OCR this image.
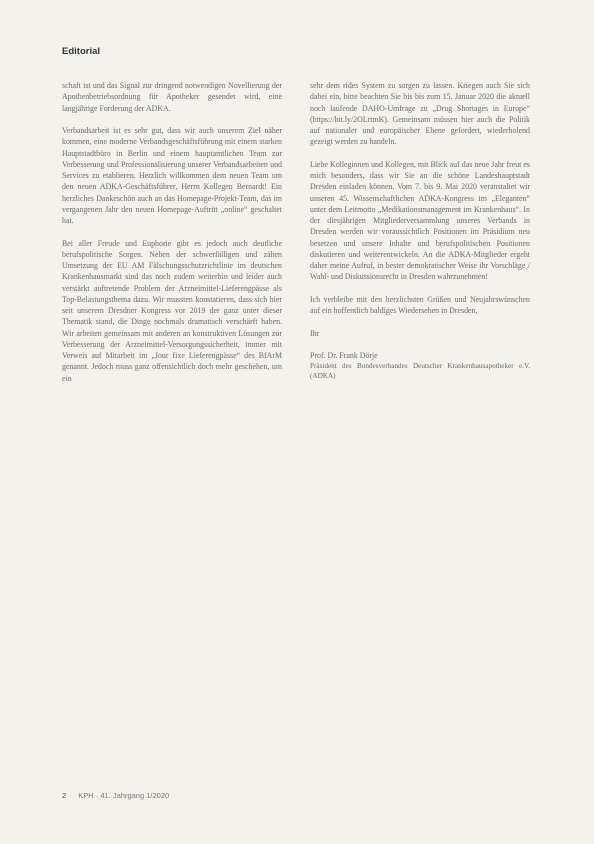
Editorial

schaft ist und das Signal zur dringend notwendigen Novellierung der Apothenbetriebsordnung für Apotheker gesendet wird, eine langjährige Forderung der ADKA.

Verbandsarbeit ist es sehr gut, dass wir auch unserem Ziel näher kommen, eine moderne Verbandsgeschäftsführung mit einem starken Hauptstadtbüro in Berlin und einem hauptamtlichen Team zur Verbesserung und Professionalisierung unserer Verbandsarbeiten und Services zu etablieren. Herzlich willkommen dem neuen Team um den neuen ADKA-Geschäftsführer, Herrn Kollegen Bernardt! Ein herzliches Dankeschön auch an das Homepage-Projekt-Team, das im vergangenen Jahr den neuen Homepage-Auftritt „online“ geschaltet hat.

Bei aller Freude und Euphorie gibt es jedoch auch deutliche berufspolitische Sorgen. Neben der schwerfälligen und zähen Umsetzung der EU AM Fälschungsschutzrichtlinie im deutschen Krankenhausmarkt sind das noch zudem weiterhin und leider auch verstärkt auftretende Problem der Arzneimittel-Lieferengpässe als Top-Belastungsthema dazu. Wir mussten konstatieren, dass sich hier seit unserem Dresdner Kongress vor 2019 der ganz unter dieser Thematik stand, die Dinge nochmals dramatisch verschärft haben. Wir arbeiten gemeinsam mit anderen an konstruktiven Lösungen zur Verbesserung der Arzneimittel-Versorgungssicherheit, immer mit Verweis auf Mitarbeit im „Jour fixe Lieferengpässe“ des BfArM genannt. Jedoch muss ganz offensichtlich doch mehr geschehen, um ein

sehr dem rides System zu sorgen zu lassen. Kriegen auch Sie sich dabei ein, bitte beachten Sie bis bis zum 15. Januar 2020 die aktuell noch laufende DAHO-Umfrage zu „Drug Shortages in Europe“ (https://bit.ly/2OLrtmK). Gemeinsam müssen hier auch die Politik auf nationaler und europäischer Ebene gefordert, wiederholend gezeigt werden zu handeln.

Liebe Kolleginnen und Kollegen, mit Blick auf das neue Jahr freut es mich besonders, dass wir Sie an die schöne Landeshauptstadt Dresden einladen können. Vom 7. bis 9. Mai 2020 veranstaltet wir unseren 45. Wissenschaftlichen ADKA-Kongress im „Eleganten“ unter dem Leitmotto „Medikationsmanagement im Krankenhaus“. In der diesjährigen Mitgliederversammlung unseres Verbands in Dresden werden wir voraussichtlich Positionen im Präsidium neu besetzen und unsere Inhalte und berufspolitischen Positionen diskutieren und weiterentwickeln. An die ADKA-Mitglieder ergeht daher meine Aufruf, in bester demokratischer Weise ihr Vorschläge / Wahl- und Diskussionsrecht in Dresden wahrzunehmen!

Ich verbleibe mit den herzlichsten Grüßen und Neujahrswünschen auf ein hoffentlich baldiges Wiedersehen in Dresden,

Ihr

Prof. Dr. Frank Dörje
Präsident des Bundesverbandes Deutscher Krankenhausapotheker e.V. (ADKA)
2 KPH · 41. Jahrgang 1/2020
